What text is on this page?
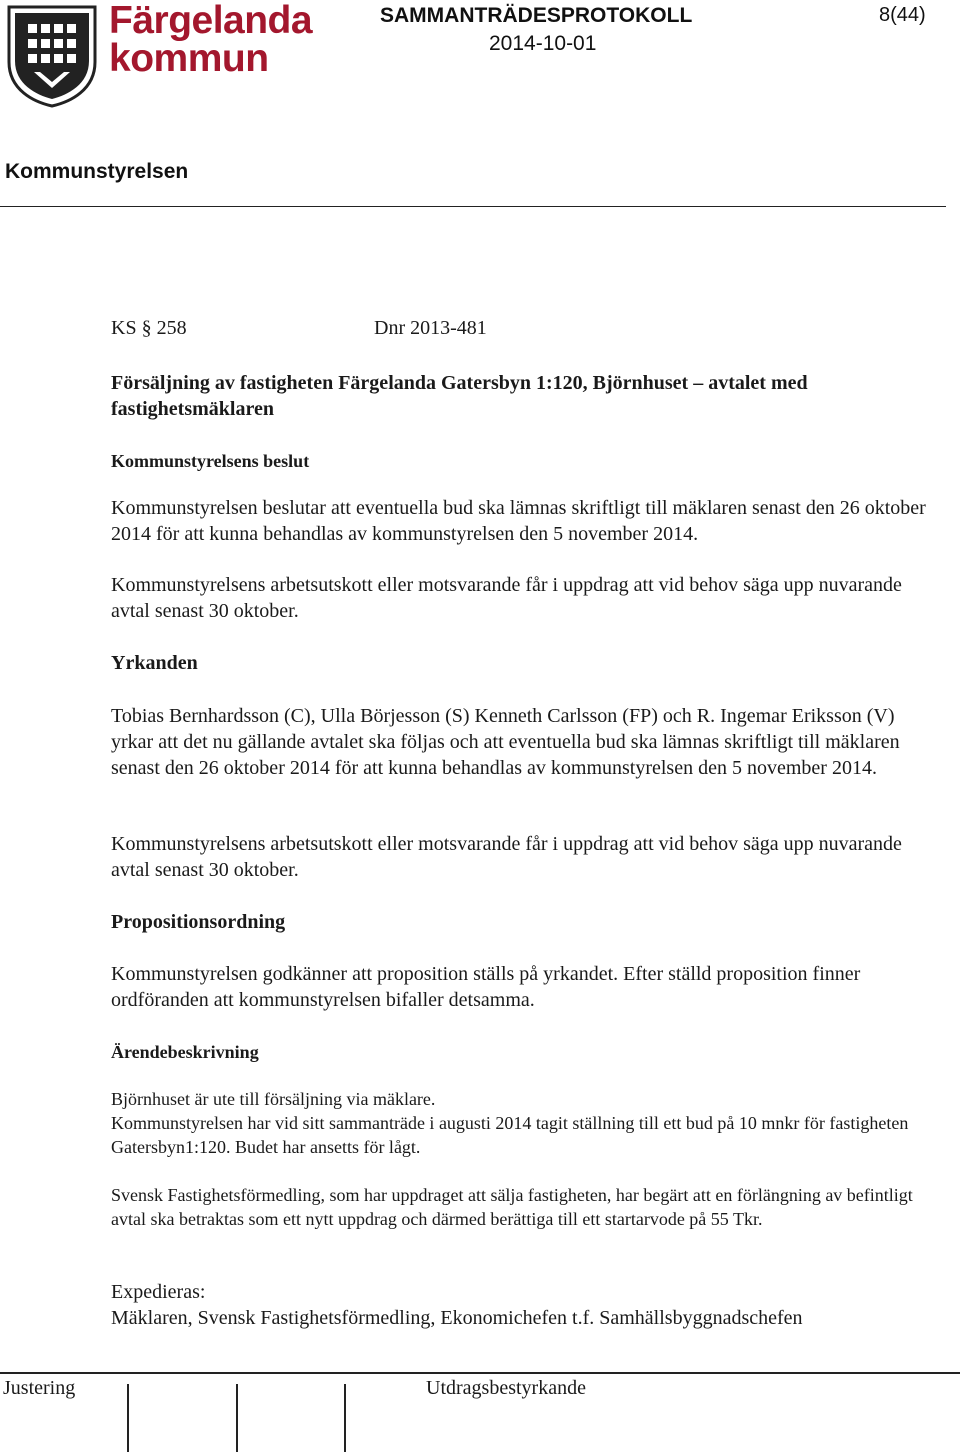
Färgelanda
kommun
SAMMANTRÄDESPROTOKOLL
2014-10-01
8(44)
Kommunstyrelsen
KS § 258	Dnr 2013-481
Försäljning av fastigheten Färgelanda Gatersbyn 1:120, Björnhuset – avtalet med fastighetsmäklaren
Kommunstyrelsens beslut
Kommunstyrelsen beslutar att eventuella bud ska lämnas skriftligt till mäklaren senast den 26 oktober 2014 för att kunna behandlas av kommunstyrelsen den 5 november 2014.
Kommunstyrelsens arbetsutskott eller motsvarande får i uppdrag att vid behov säga upp nuvarande avtal senast 30 oktober.
Yrkanden
Tobias Bernhardsson (C), Ulla Börjesson (S) Kenneth Carlsson (FP) och R. Ingemar Eriksson (V) yrkar att det nu gällande avtalet ska följas och att eventuella bud ska lämnas skriftligt till mäklaren senast den 26 oktober 2014 för att kunna behandlas av kommunstyrelsen den 5 november 2014.
Kommunstyrelsens arbetsutskott eller motsvarande får i uppdrag att vid behov säga upp nuvarande avtal senast 30 oktober.
Propositionsordning
Kommunstyrelsen godkänner att proposition ställs på yrkandet. Efter ställd proposition finner ordföranden att kommunstyrelsen bifaller detsamma.
Ärendebeskrivning
Björnhuset är ute till försäljning via mäklare.
Kommunstyrelsen har vid sitt sammanträde i augusti 2014 tagit ställning till ett bud på 10 mnkr för fastigheten Gatersbyn1:120. Budet har ansetts för lågt.
Svensk Fastighetsförmedling, som har uppdraget att sälja fastigheten, har begärt att en förlängning av befintligt avtal ska betraktas som ett nytt uppdrag och därmed berättiga till ett startarvode på 55 Tkr.
Expedieras:
Mäklaren, Svensk Fastighetsförmedling, Ekonomichefen t.f. Samhällsbyggnadschefen
Justering	Utdragsbestyrkande
